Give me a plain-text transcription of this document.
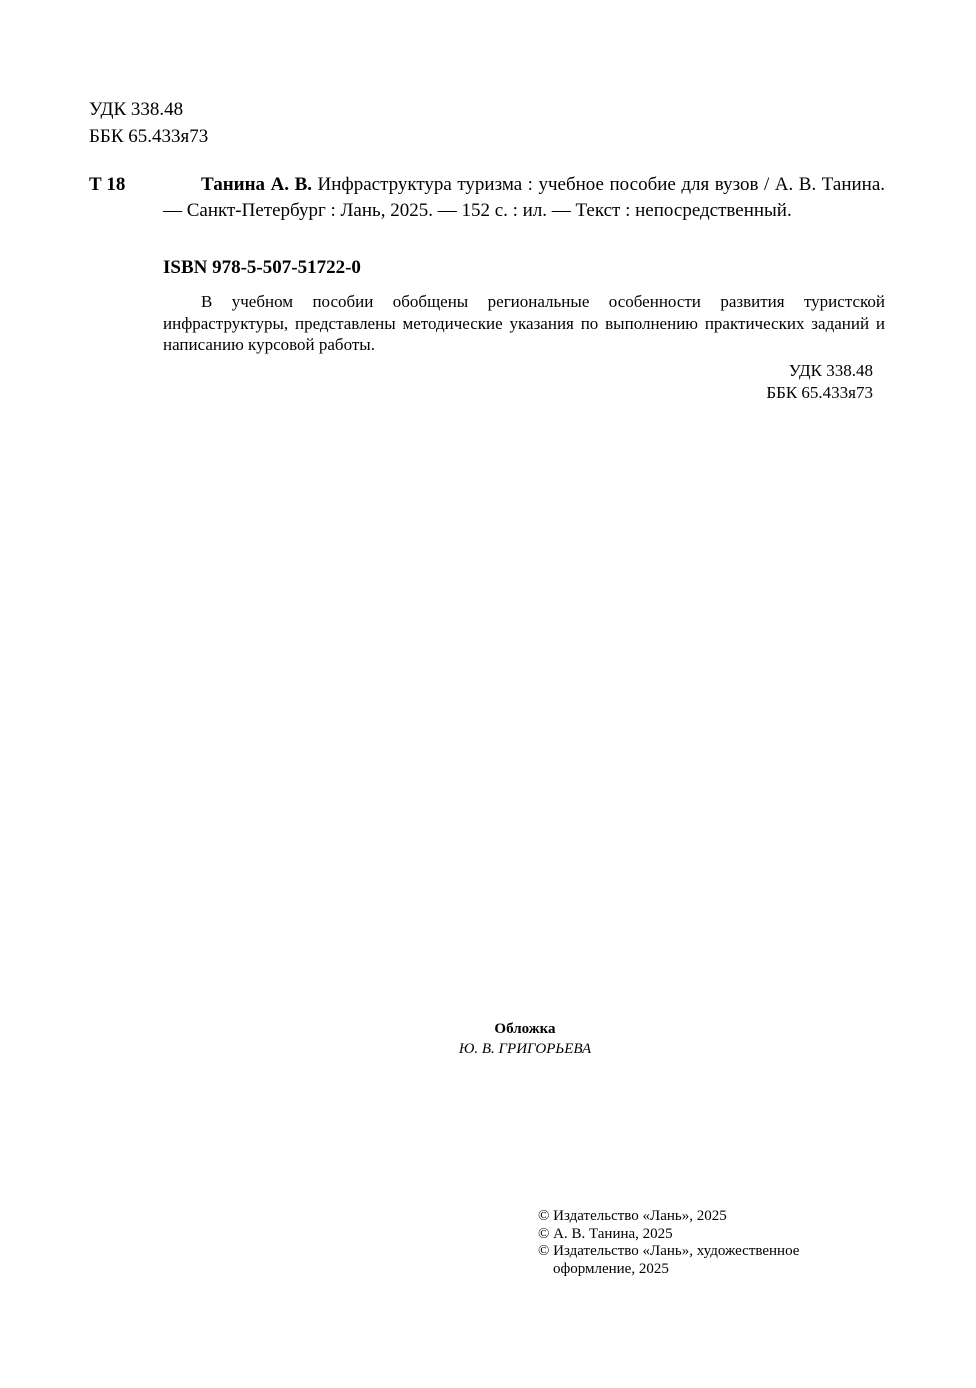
УДК 338.48
ББК 65.433я73
Т 18	Танина А. В. Инфраструктура туризма : учебное пособие для вузов / А. В. Танина. — Санкт-Петербург : Лань, 2025. — 152 с. : ил. — Текст : непосредственный.
ISBN 978-5-507-51722-0
В учебном пособии обобщены региональные особенности развития туристской инфраструктуры, представлены методические указания по выполнению практических заданий и написанию курсовой работы.
УДК 338.48
ББК 65.433я73
Обложка
Ю. В. ГРИГОРЬЕВА
© Издательство «Лань», 2025
© А. В. Танина, 2025
© Издательство «Лань», художественное
оформление, 2025
